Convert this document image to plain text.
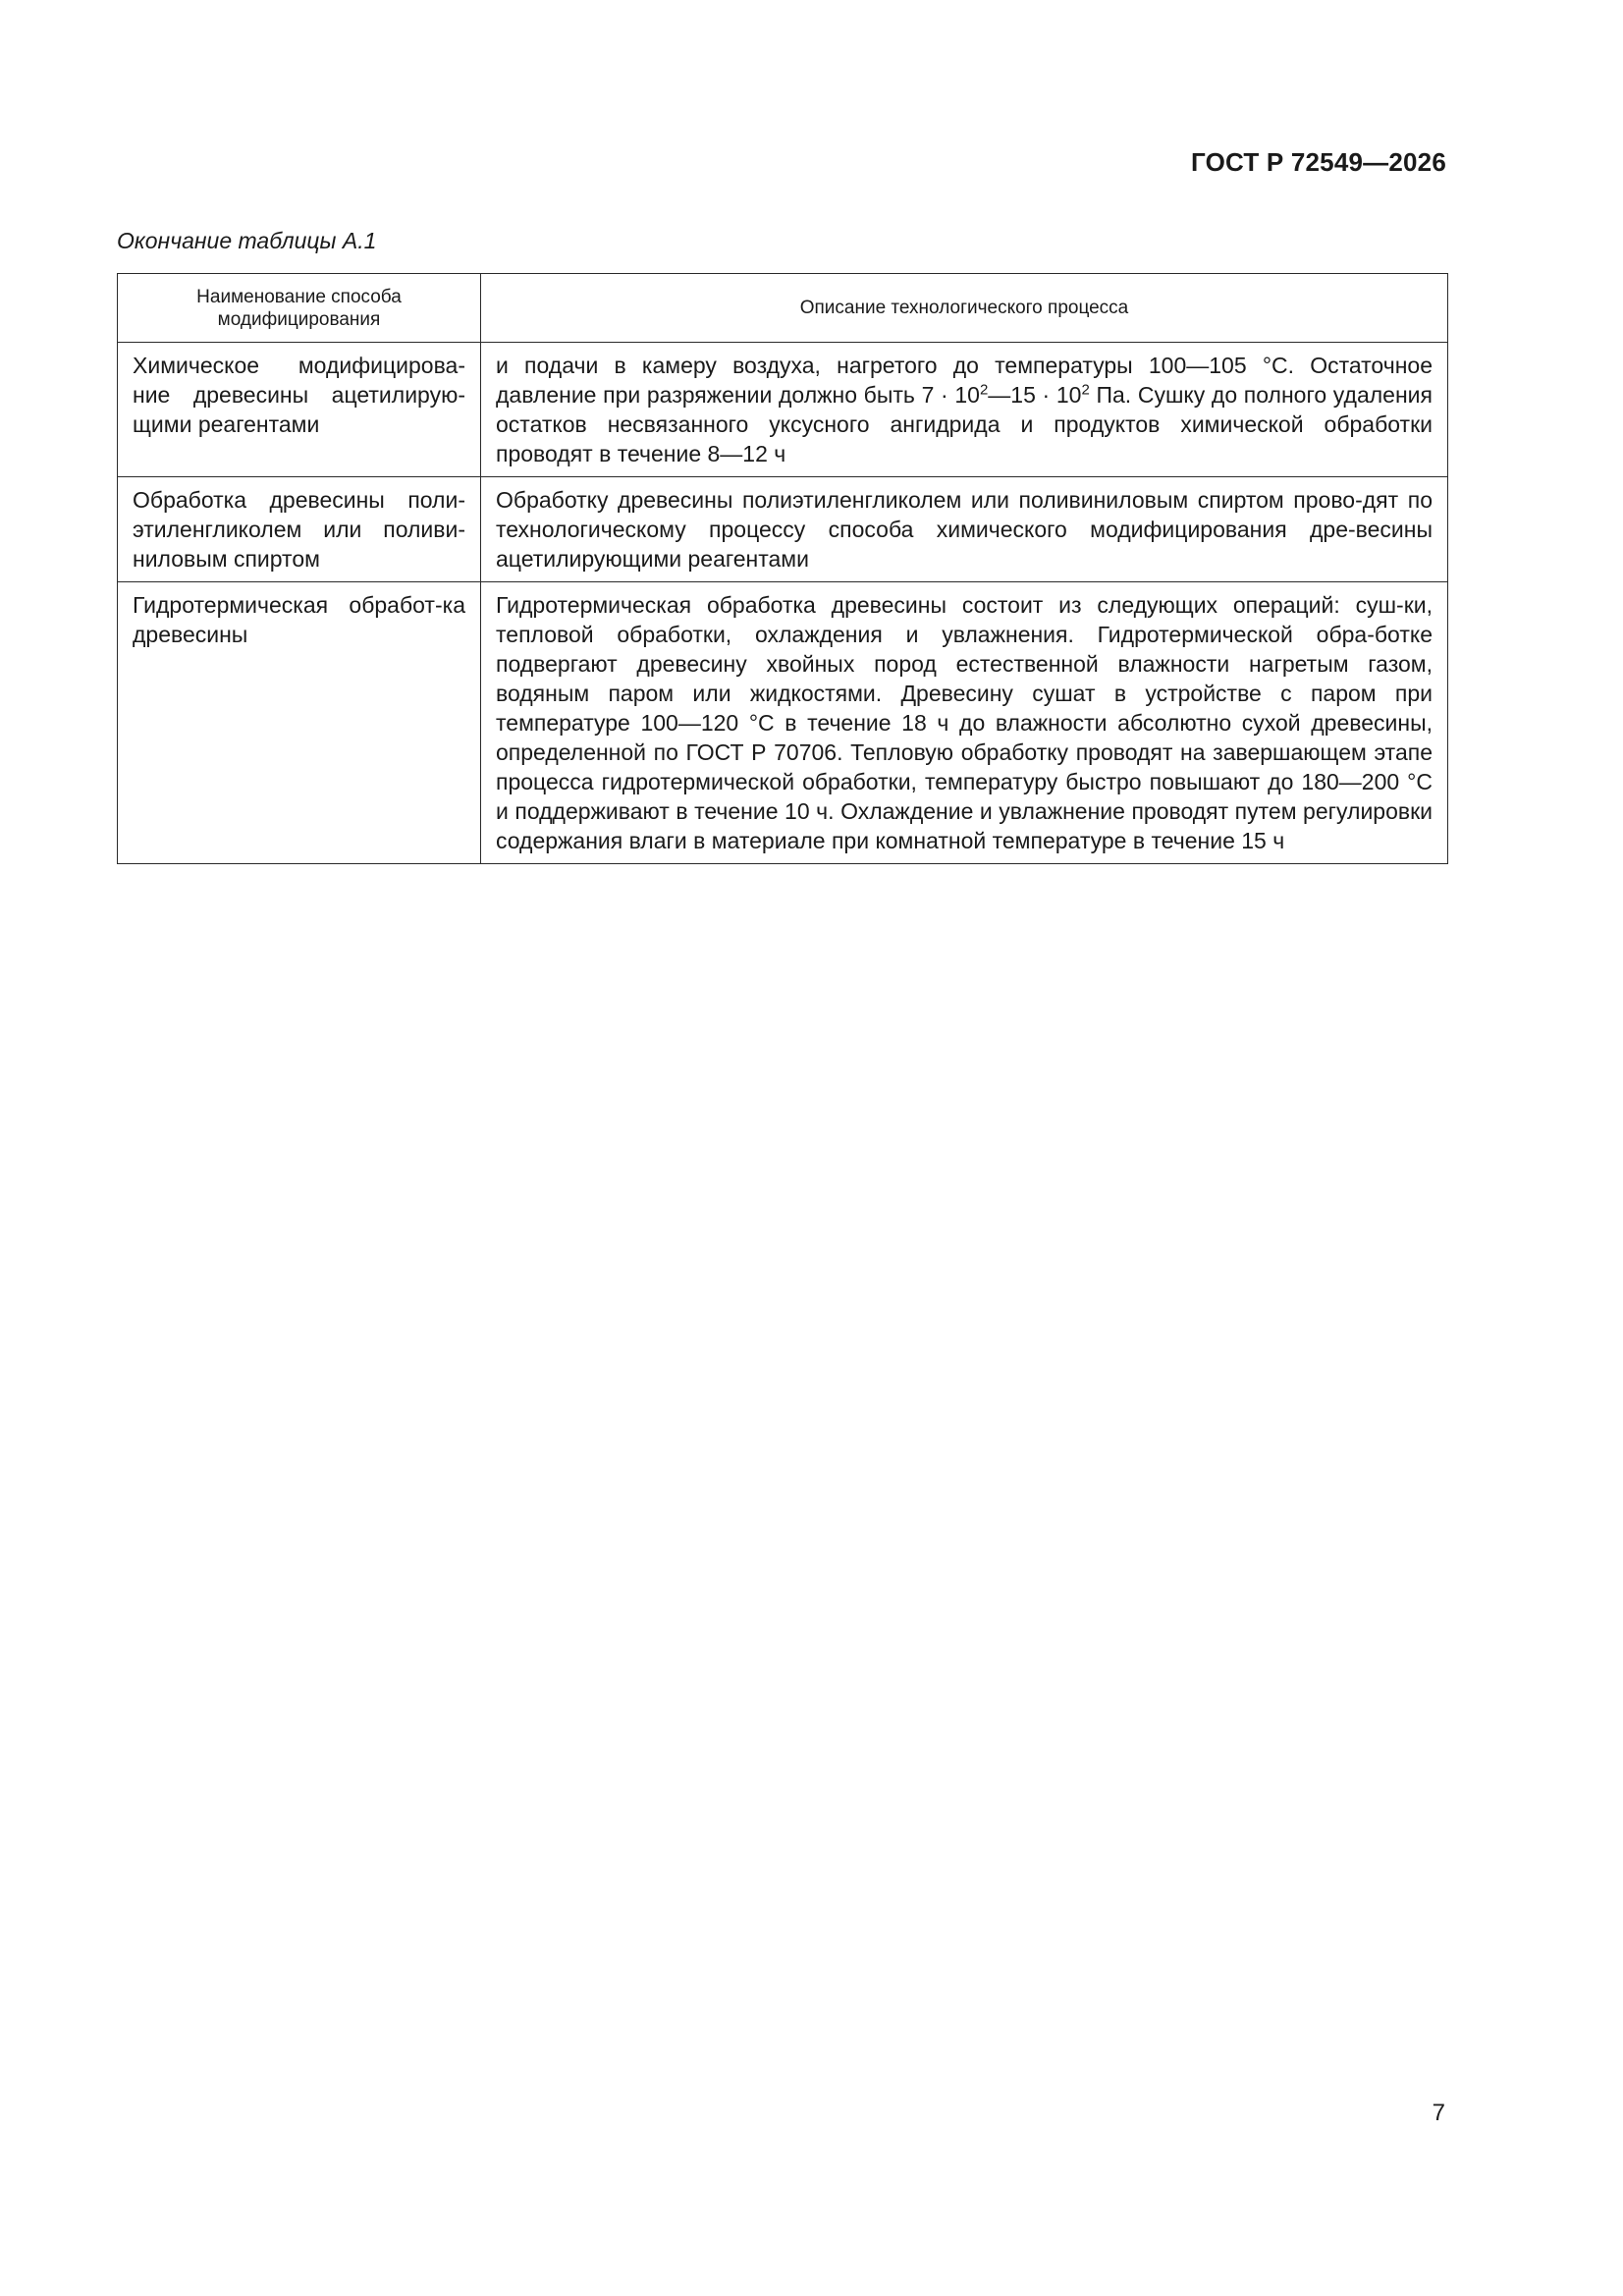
ГОСТ Р 72549—2026
Окончание таблицы А.1
Наименование способа модифицирования	Описание технологического процесса
Химическое модифицирова-ние древесины ацетилирую-щими реагентами	и подачи в камеру воздуха, нагретого до температуры 100—105 °С. Остаточное давление при разряжении должно быть $7 \cdot 10^2—15 \cdot 10^2$ Па. Сушку до полного удаления остатков несвязанного уксусного ангидрида и продуктов химической обработки проводят в течение 8—12 ч
Обработка древесины поли-этиленгликолем или поливи-ниловым спиртом	Обработку древесины полиэтиленгликолем или поливиниловым спиртом прово-дят по технологическому процессу способа химического модифицирования дре-весины ацетилирующими реагентами
Гидротермическая обработ-ка древесины	Гидротермическая обработка древесины состоит из следующих операций: суш-ки, тепловой обработки, охлаждения и увлажнения. Гидротермической обра-ботке подвергают древесину хвойных пород естественной влажности нагретым газом, водяным паром или жидкостями. Древесину сушат в устройстве с паром при температуре 100—120 °С в течение 18 ч до влажности абсолютно сухой древесины, определенной по ГОСТ Р 70706. Тепловую обработку проводят на завершающем этапе процесса гидротермической обработки, температуру быстро повышают до 180—200 °С и поддерживают в течение 10 ч. Охлаждение и увлажнение проводят путем регулировки содержания влаги в материале при комнатной температуре в течение 15 ч
7
